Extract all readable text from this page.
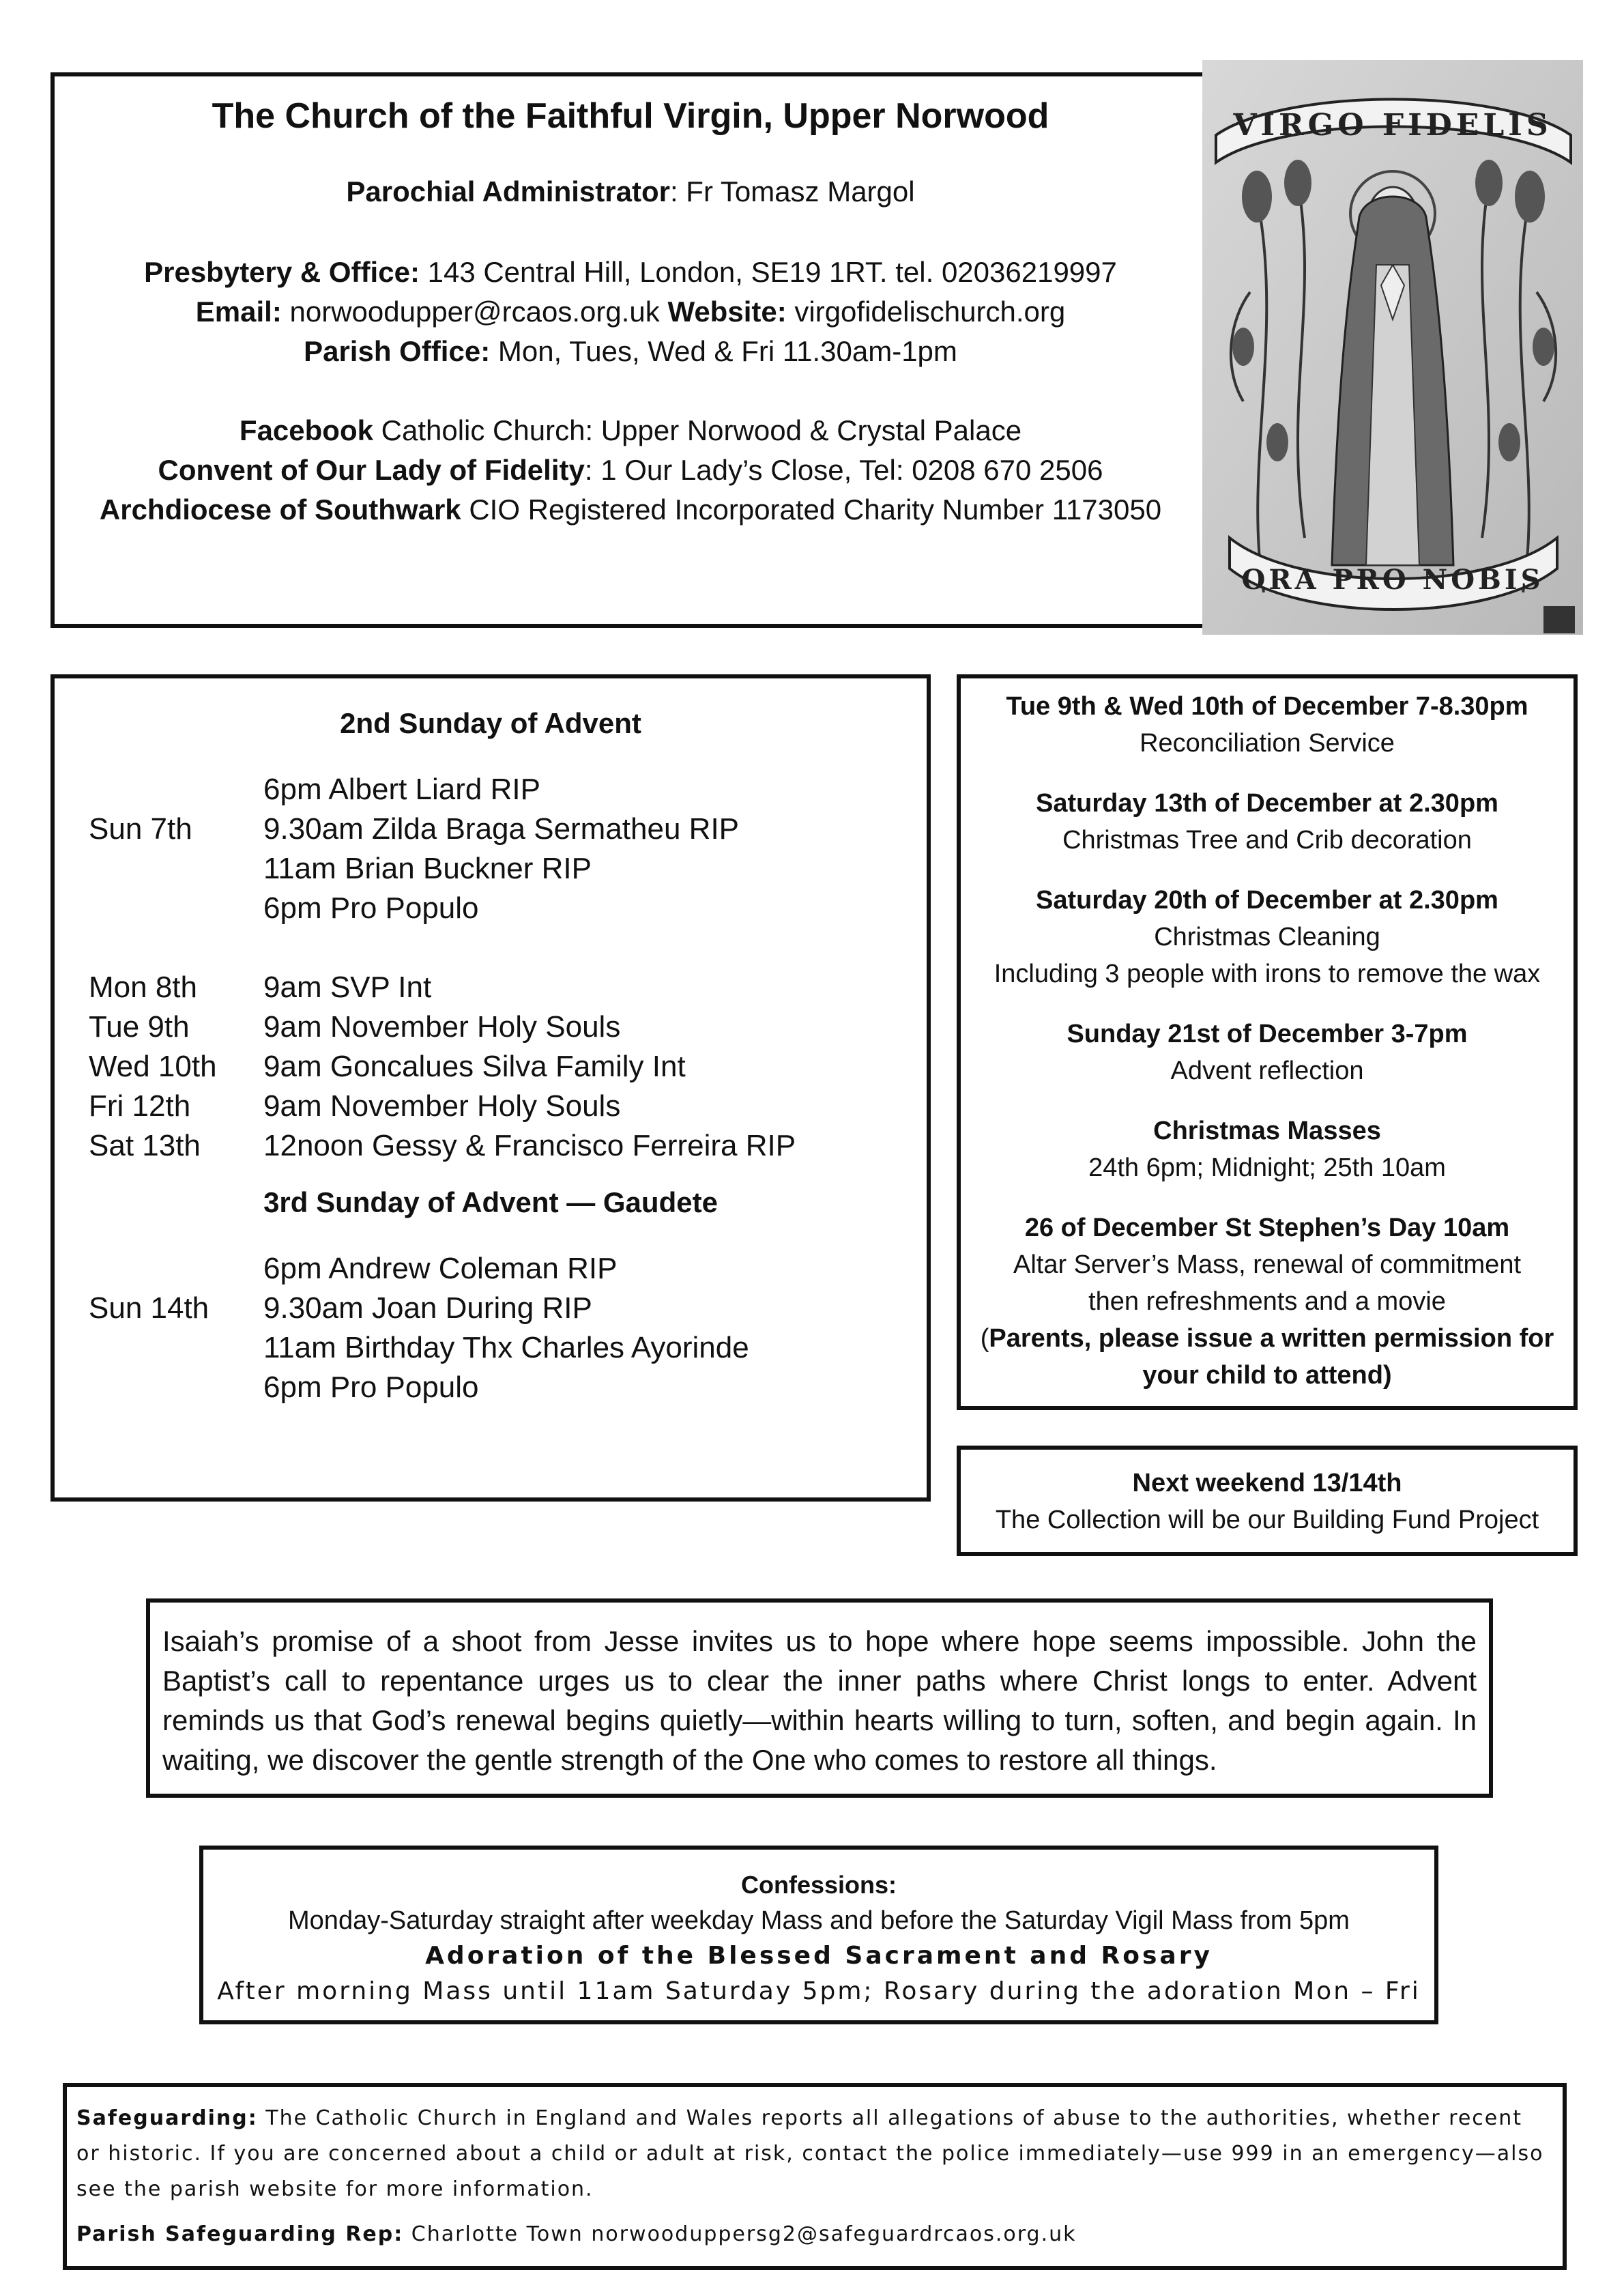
The Church of the Faithful Virgin, Upper Norwood
Parochial Administrator: Fr Tomasz Margol
Presbytery & Office: 143 Central Hill, London, SE19 1RT. tel. 02036219997
Email: norwoodupper@rcaos.org.uk Website: virgofidelischurch.org
Parish Office: Mon, Tues, Wed & Fri 11.30am-1pm
Facebook Catholic Church: Upper Norwood & Crystal Palace
Convent of Our Lady of Fidelity: 1 Our Lady’s Close, Tel: 0208 670 2506
Archdiocese of Southwark CIO Registered Incorporated Charity Number 1173050
VIRGO FIDELIS
ORA PRO NOBIS
2nd Sunday of Advent
6pm Albert Liard RIP
Sun 7th	9.30am Zilda Braga Sermatheu RIP
11am Brian Buckner RIP
6pm Pro Populo
Mon 8th	9am SVP Int
Tue 9th	9am November Holy Souls
Wed 10th	9am Goncalues Silva Family Int
Fri 12th	9am November Holy Souls
Sat 13th	12noon Gessy & Francisco Ferreira RIP
3rd Sunday of Advent — Gaudete
6pm Andrew Coleman RIP
Sun 14th	9.30am Joan During RIP
11am Birthday Thx Charles Ayorinde
6pm Pro Populo
Tue 9th & Wed 10th of December 7-8.30pm
Reconciliation Service
Saturday 13th of December at 2.30pm
Christmas Tree and Crib decoration
Saturday 20th of December at 2.30pm
Christmas Cleaning
Including 3 people with irons to remove the wax
Sunday 21st of December 3-7pm
Advent reflection
Christmas Masses
24th 6pm; Midnight; 25th 10am
26 of December St Stephen’s Day 10am
Altar Server’s Mass, renewal of commitment
then refreshments and a movie
(Parents, please issue a written permission for your child to attend)
Next weekend 13/14th
The Collection will be our Building Fund Project
Isaiah’s promise of a shoot from Jesse invites us to hope where hope seems impossible. John the Baptist’s call to repentance urges us to clear the inner paths where Christ longs to enter. Advent reminds us that God’s renewal begins quietly—within hearts willing to turn, soften, and begin again. In waiting, we discover the gentle strength of the One who comes to restore all things.
Confessions:
Monday-Saturday straight after weekday Mass and before the Saturday Vigil Mass from 5pm
Adoration of the Blessed Sacrament and Rosary
After morning Mass until 11am Saturday 5pm; Rosary during the adoration Mon – Fri
Safeguarding: The Catholic Church in England and Wales reports all allegations of abuse to the authorities, whether recent or historic. If you are concerned about a child or adult at risk, contact the police immediately—use 999 in an emergency—also see the parish website for more information.
Parish Safeguarding Rep: Charlotte Town norwooduppersg2@safeguardrcaos.org.uk
